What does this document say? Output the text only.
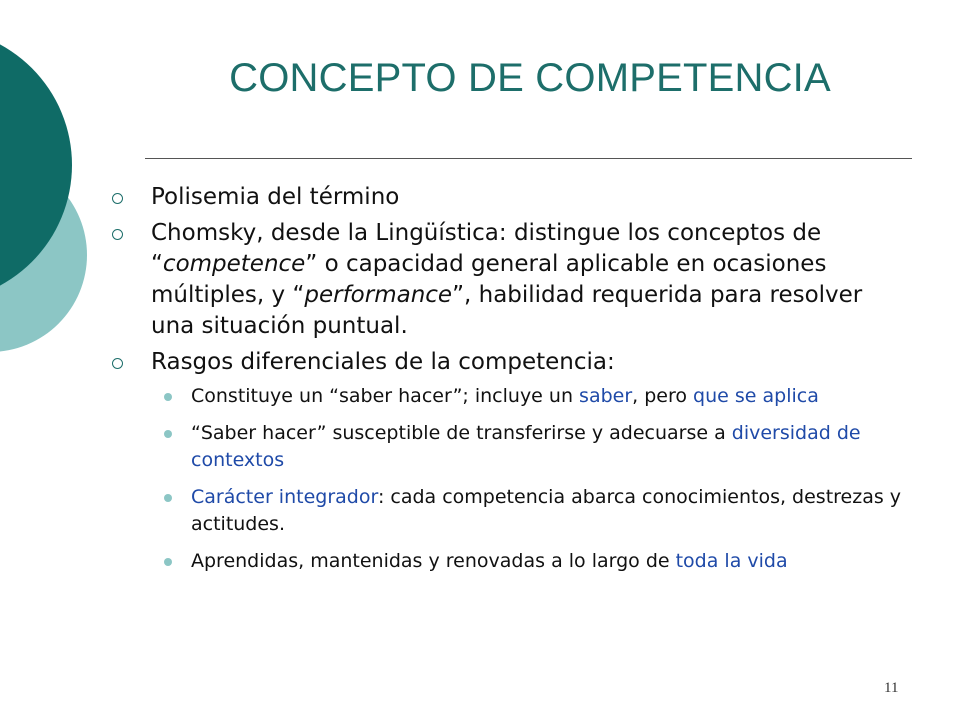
CONCEPTO DE COMPETENCIA
Polisemia del término
Chomsky, desde la Lingüística: distingue los conceptos de “competence” o capacidad general aplicable en ocasiones múltiples, y “performance”, habilidad requerida para resolver una situación puntual.
Rasgos diferenciales de la competencia:
Constituye un “saber hacer”; incluye un saber, pero que se aplica
“Saber hacer” susceptible de transferirse y adecuarse a diversidad de contextos
Carácter integrador: cada competencia abarca conocimientos, destrezas y actitudes.
Aprendidas, mantenidas y renovadas a lo largo de toda la vida
11
